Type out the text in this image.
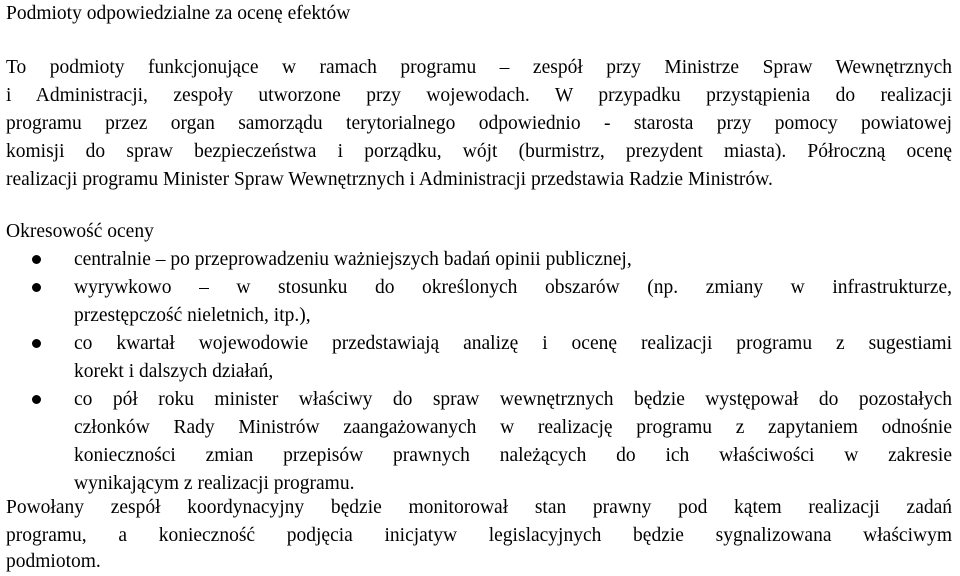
Podmioty odpowiedzialne za ocenę efektów
To podmioty funkcjonujące w ramach programu – zespół przy Ministrze Spraw Wewnętrznych
i Administracji, zespoły utworzone przy wojewodach. W przypadku przystąpienia do realizacji
programu przez organ samorządu terytorialnego odpowiednio - starosta przy pomocy powiatowej
komisji do spraw bezpieczeństwa i porządku, wójt (burmistrz, prezydent miasta). Półroczną ocenę
realizacji programu Minister Spraw Wewnętrznych i Administracji przedstawia Radzie Ministrów.
Okresowość oceny
centralnie – po przeprowadzeniu ważniejszych badań opinii publicznej,
wyrywkowo – w stosunku do określonych obszarów (np. zmiany w infrastrukturze,
przestępczość nieletnich, itp.),
co kwartał wojewodowie przedstawiają analizę i ocenę realizacji programu z sugestiami
korekt i dalszych działań,
co pół roku minister właściwy do spraw wewnętrznych będzie występował do pozostałych
członków Rady Ministrów zaangażowanych w realizację programu z zapytaniem odnośnie
konieczności zmian przepisów prawnych należących do ich właściwości w zakresie
wynikającym z realizacji programu.
Powołany zespół koordynacyjny będzie monitorował stan prawny pod kątem realizacji zadań
programu, a konieczność podjęcia inicjatyw legislacyjnych będzie sygnalizowana właściwym
podmiotom.
